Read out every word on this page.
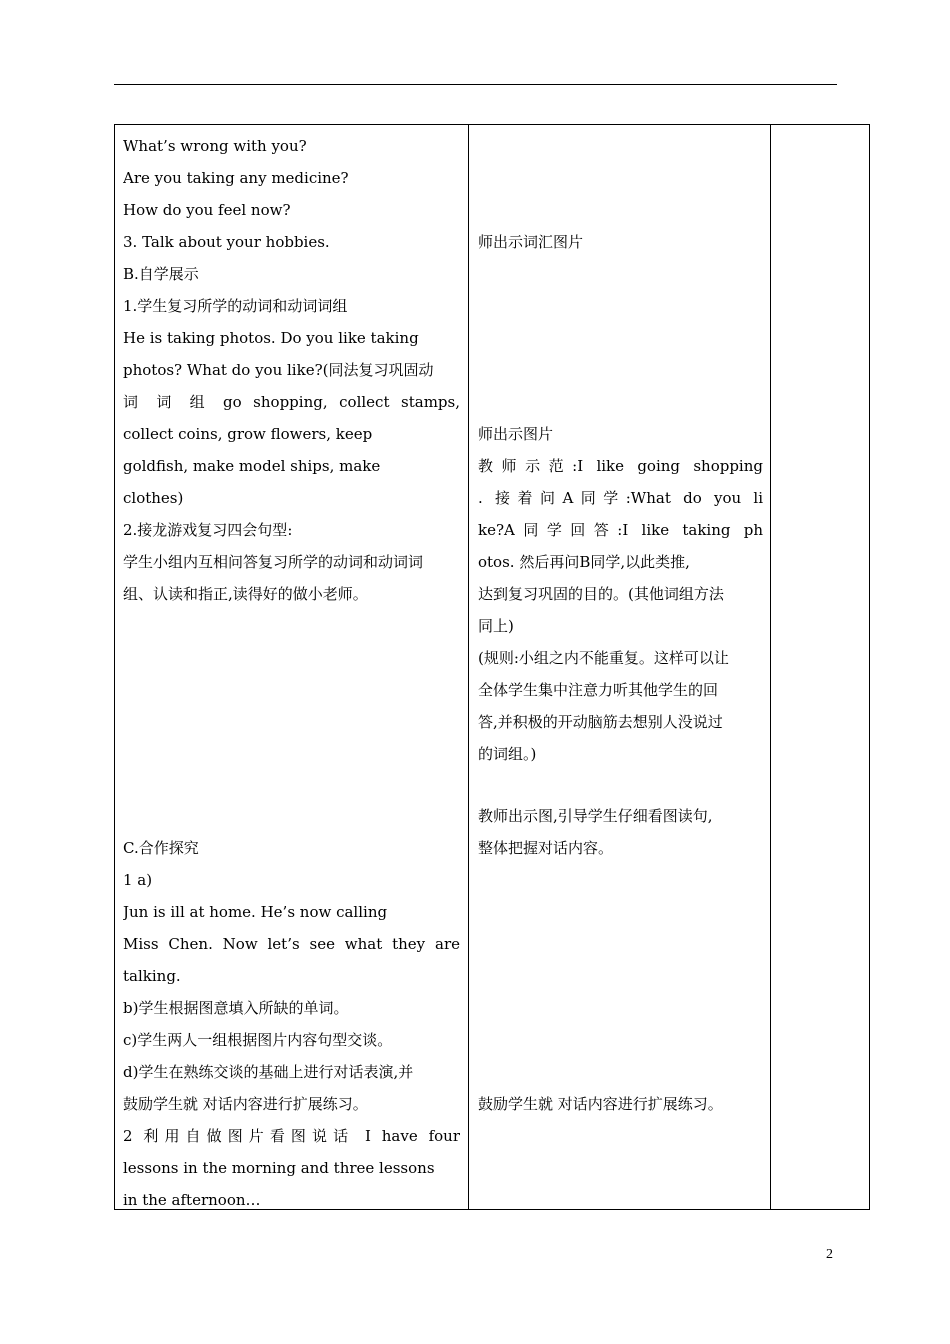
What’s wrong with you?
Are you taking any medicine?
How do you feel now?
3. Talk about your hobbies.
B.自学展示
1.学生复习所学的动词和动词词组
He is taking photos. Do you like taking
photos? What do you like?(同法复习巩固动
词 词 组 go shopping, collect stamps,
collect coins, grow flowers, keep
goldfish, make model ships, make
clothes)
2.接龙游戏复习四会句型:
学生小组内互相问答复习所学的动词和动词词
组、认读和指正,读得好的做小老师。
C.合作探究
1 a)
Jun is ill at home. He’s now calling
Miss Chen. Now let’s see what they are
talking.
b)学生根据图意填入所缺的单词。
c)学生两人一组根据图片内容句型交谈。
d)学生在熟练交谈的基础上进行对话表演,并
鼓励学生就 对话内容进行扩展练习。
2 利用自做图片看图说话 I have four
lessons in the morning and three lessons
in the afternoon…
师出示词汇图片
师出示图片
教师示范:I like going shopping
. 接着问A同学:What do you li
ke?A同学回答:I like taking ph
otos. 然后再问B同学,以此类推,
达到复习巩固的目的。(其他词组方法
同上)
(规则:小组之内不能重复。这样可以让
全体学生集中注意力听其他学生的回
答,并积极的开动脑筋去想别人没说过
的词组。)
教师出示图,引导学生仔细看图读句,
整体把握对话内容。
鼓励学生就 对话内容进行扩展练习。
2
